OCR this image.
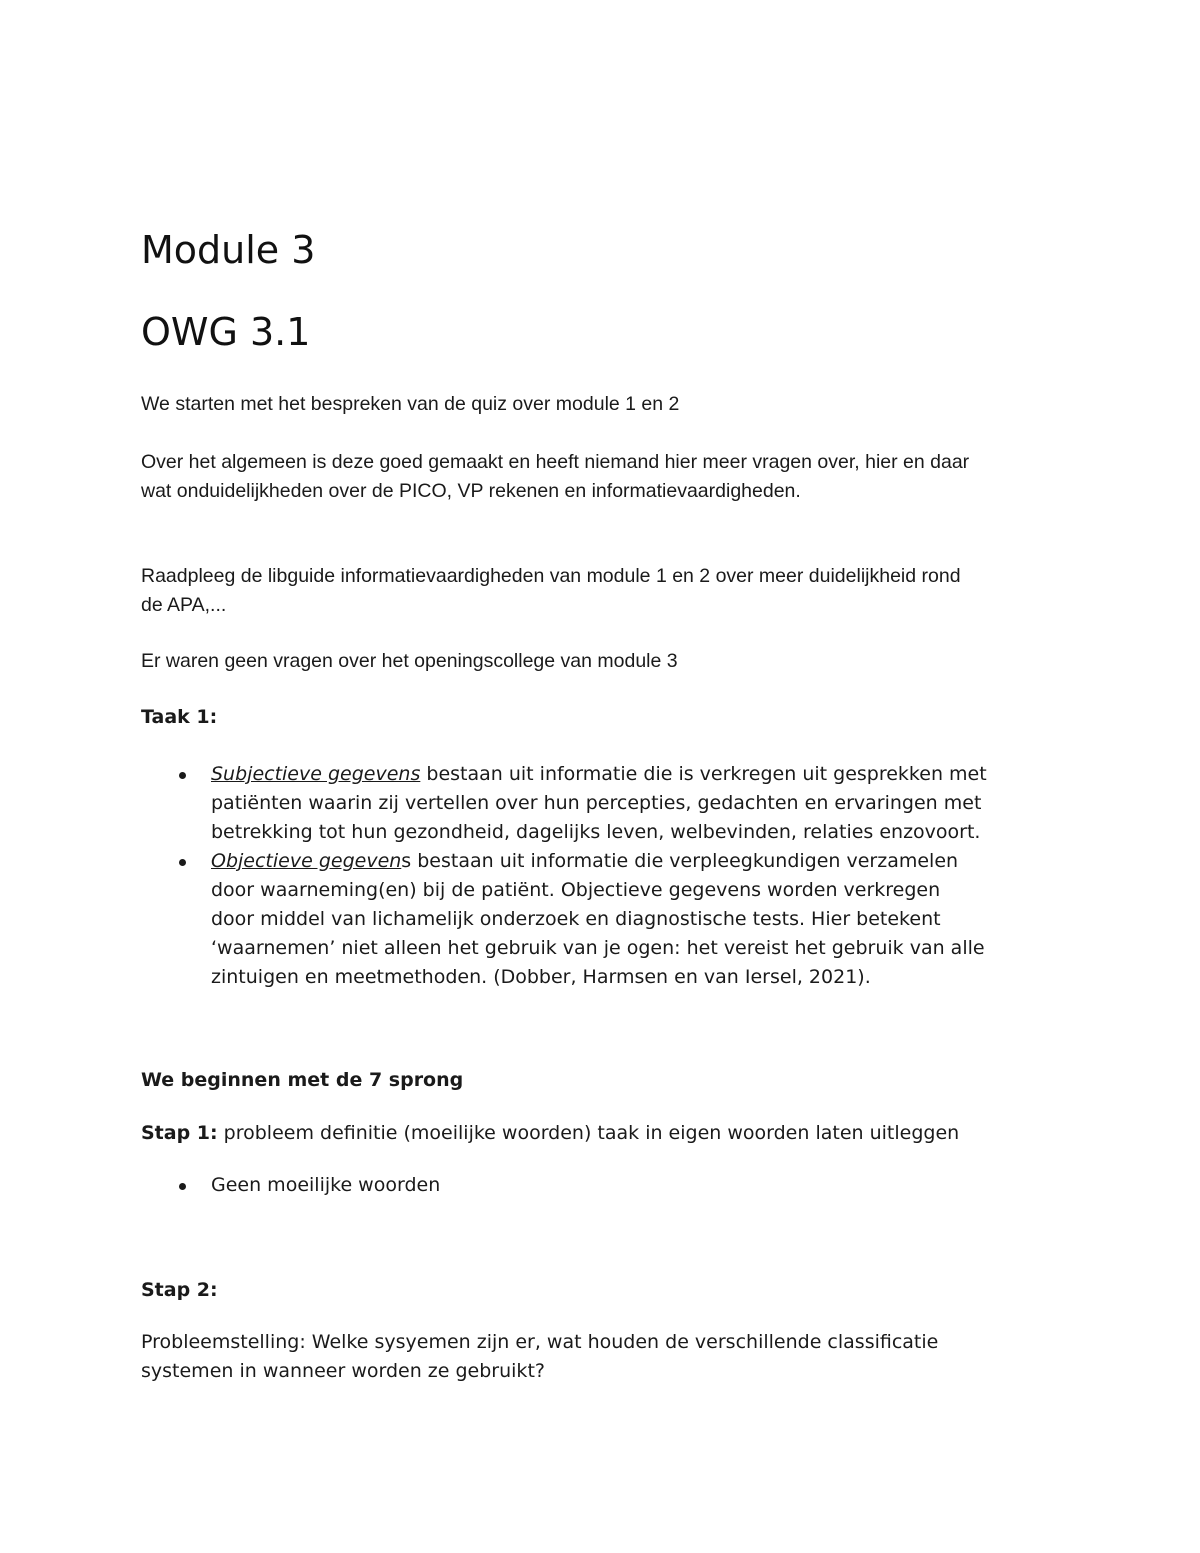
Module 3
OWG 3.1

We starten met het bespreken van de quiz over module 1 en 2

Over het algemeen is deze goed gemaakt en heeft niemand hier meer vragen over, hier en daar
wat onduidelijkheden over de PICO, VP rekenen en informatievaardigheden.

Raadpleeg de libguide informatievaardigheden van module 1 en 2 over meer duidelijkheid rond
de APA,...

Er waren geen vragen over het openingscollege van module 3

Taak 1:

Subjectieve gegevens bestaan uit informatie die is verkregen uit gesprekken met
patiënten waarin zij vertellen over hun percepties, gedachten en ervaringen met
betrekking tot hun gezondheid, dagelijks leven, welbevinden, relaties enzovoort.
Objectieve gegevens bestaan uit informatie die verpleegkundigen verzamelen
door waarneming(en) bij de patiënt. Objectieve gegevens worden verkregen
door middel van lichamelijk onderzoek en diagnostische tests. Hier betekent
‘waarnemen’ niet alleen het gebruik van je ogen: het vereist het gebruik van alle
zintuigen en meetmethoden. (Dobber, Harmsen en van Iersel, 2021).

We beginnen met de 7 sprong

Stap 1: probleem definitie (moeilijke woorden) taak in eigen woorden laten uitleggen

Geen moeilijke woorden

Stap 2:

Probleemstelling: Welke sysyemen zijn er, wat houden de verschillende classificatie
systemen in wanneer worden ze gebruikt?
